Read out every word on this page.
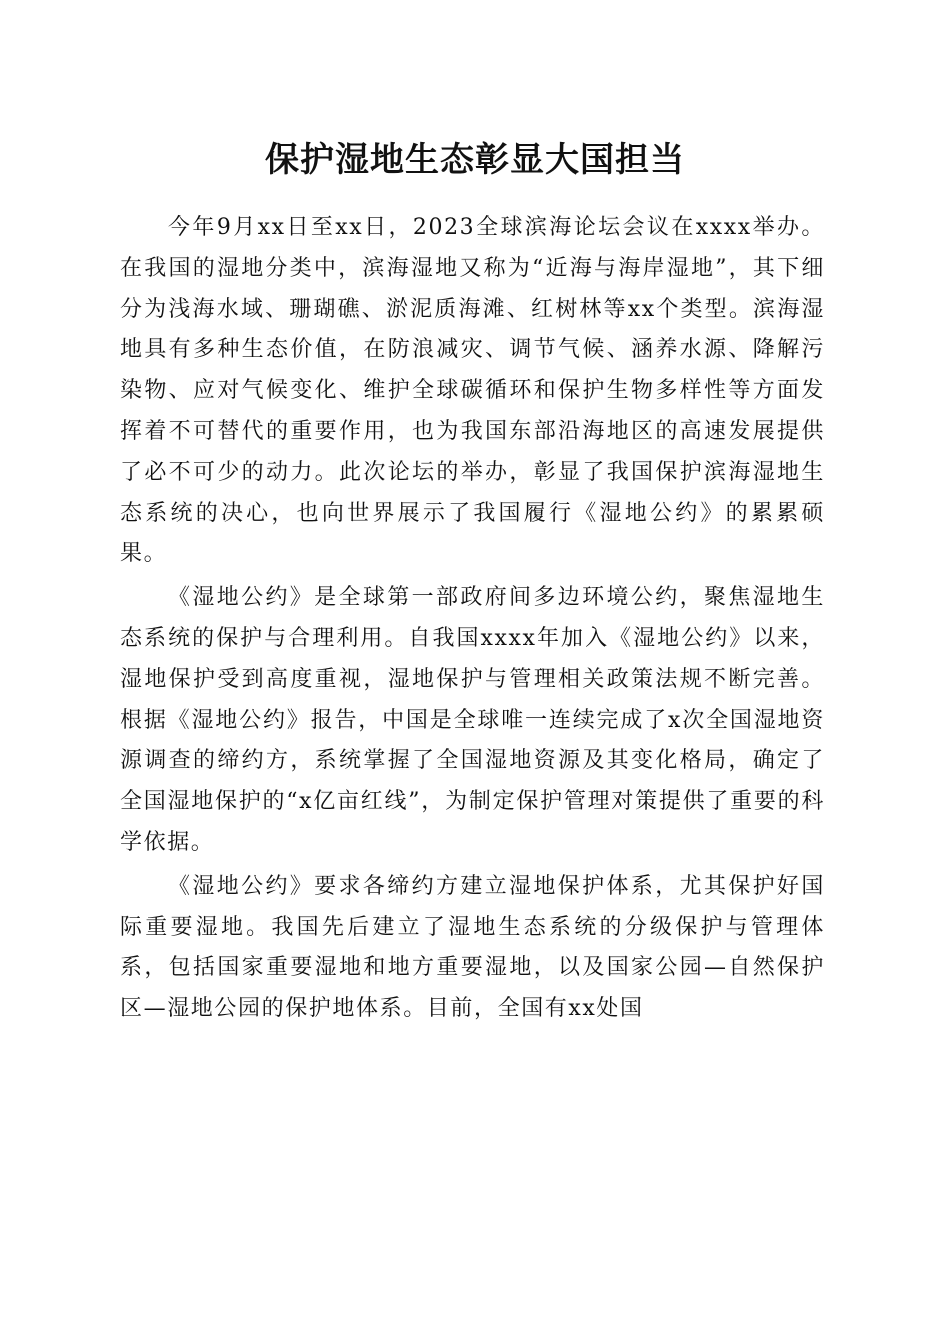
保护湿地生态彰显大国担当

今年9月xx日至xx日，2023全球滨海论坛会议在xxxx举办。在我国的湿地分类中，滨海湿地又称为“近海与海岸湿地”，其下细分为浅海水域、珊瑚礁、淤泥质海滩、红树林等xx个类型。滨海湿地具有多种生态价值，在防浪减灾、调节气候、涵养水源、降解污染物、应对气候变化、维护全球碳循环和保护生物多样性等方面发挥着不可替代的重要作用，也为我国东部沿海地区的高速发展提供了必不可少的动力。此次论坛的举办，彰显了我国保护滨海湿地生态系统的决心，也向世界展示了我国履行《湿地公约》的累累硕果。

《湿地公约》是全球第一部政府间多边环境公约，聚焦湿地生态系统的保护与合理利用。自我国xxxx年加入《湿地公约》以来，湿地保护受到高度重视，湿地保护与管理相关政策法规不断完善。根据《湿地公约》报告，中国是全球唯一连续完成了x次全国湿地资源调查的缔约方，系统掌握了全国湿地资源及其变化格局，确定了全国湿地保护的“x亿亩红线”，为制定保护管理对策提供了重要的科学依据。

《湿地公约》要求各缔约方建立湿地保护体系，尤其保护好国际重要湿地。我国先后建立了湿地生态系统的分级保护与管理体系，包括国家重要湿地和地方重要湿地，以及国家公园—自然保护区—湿地公园的保护地体系。目前，全国有xx处国
